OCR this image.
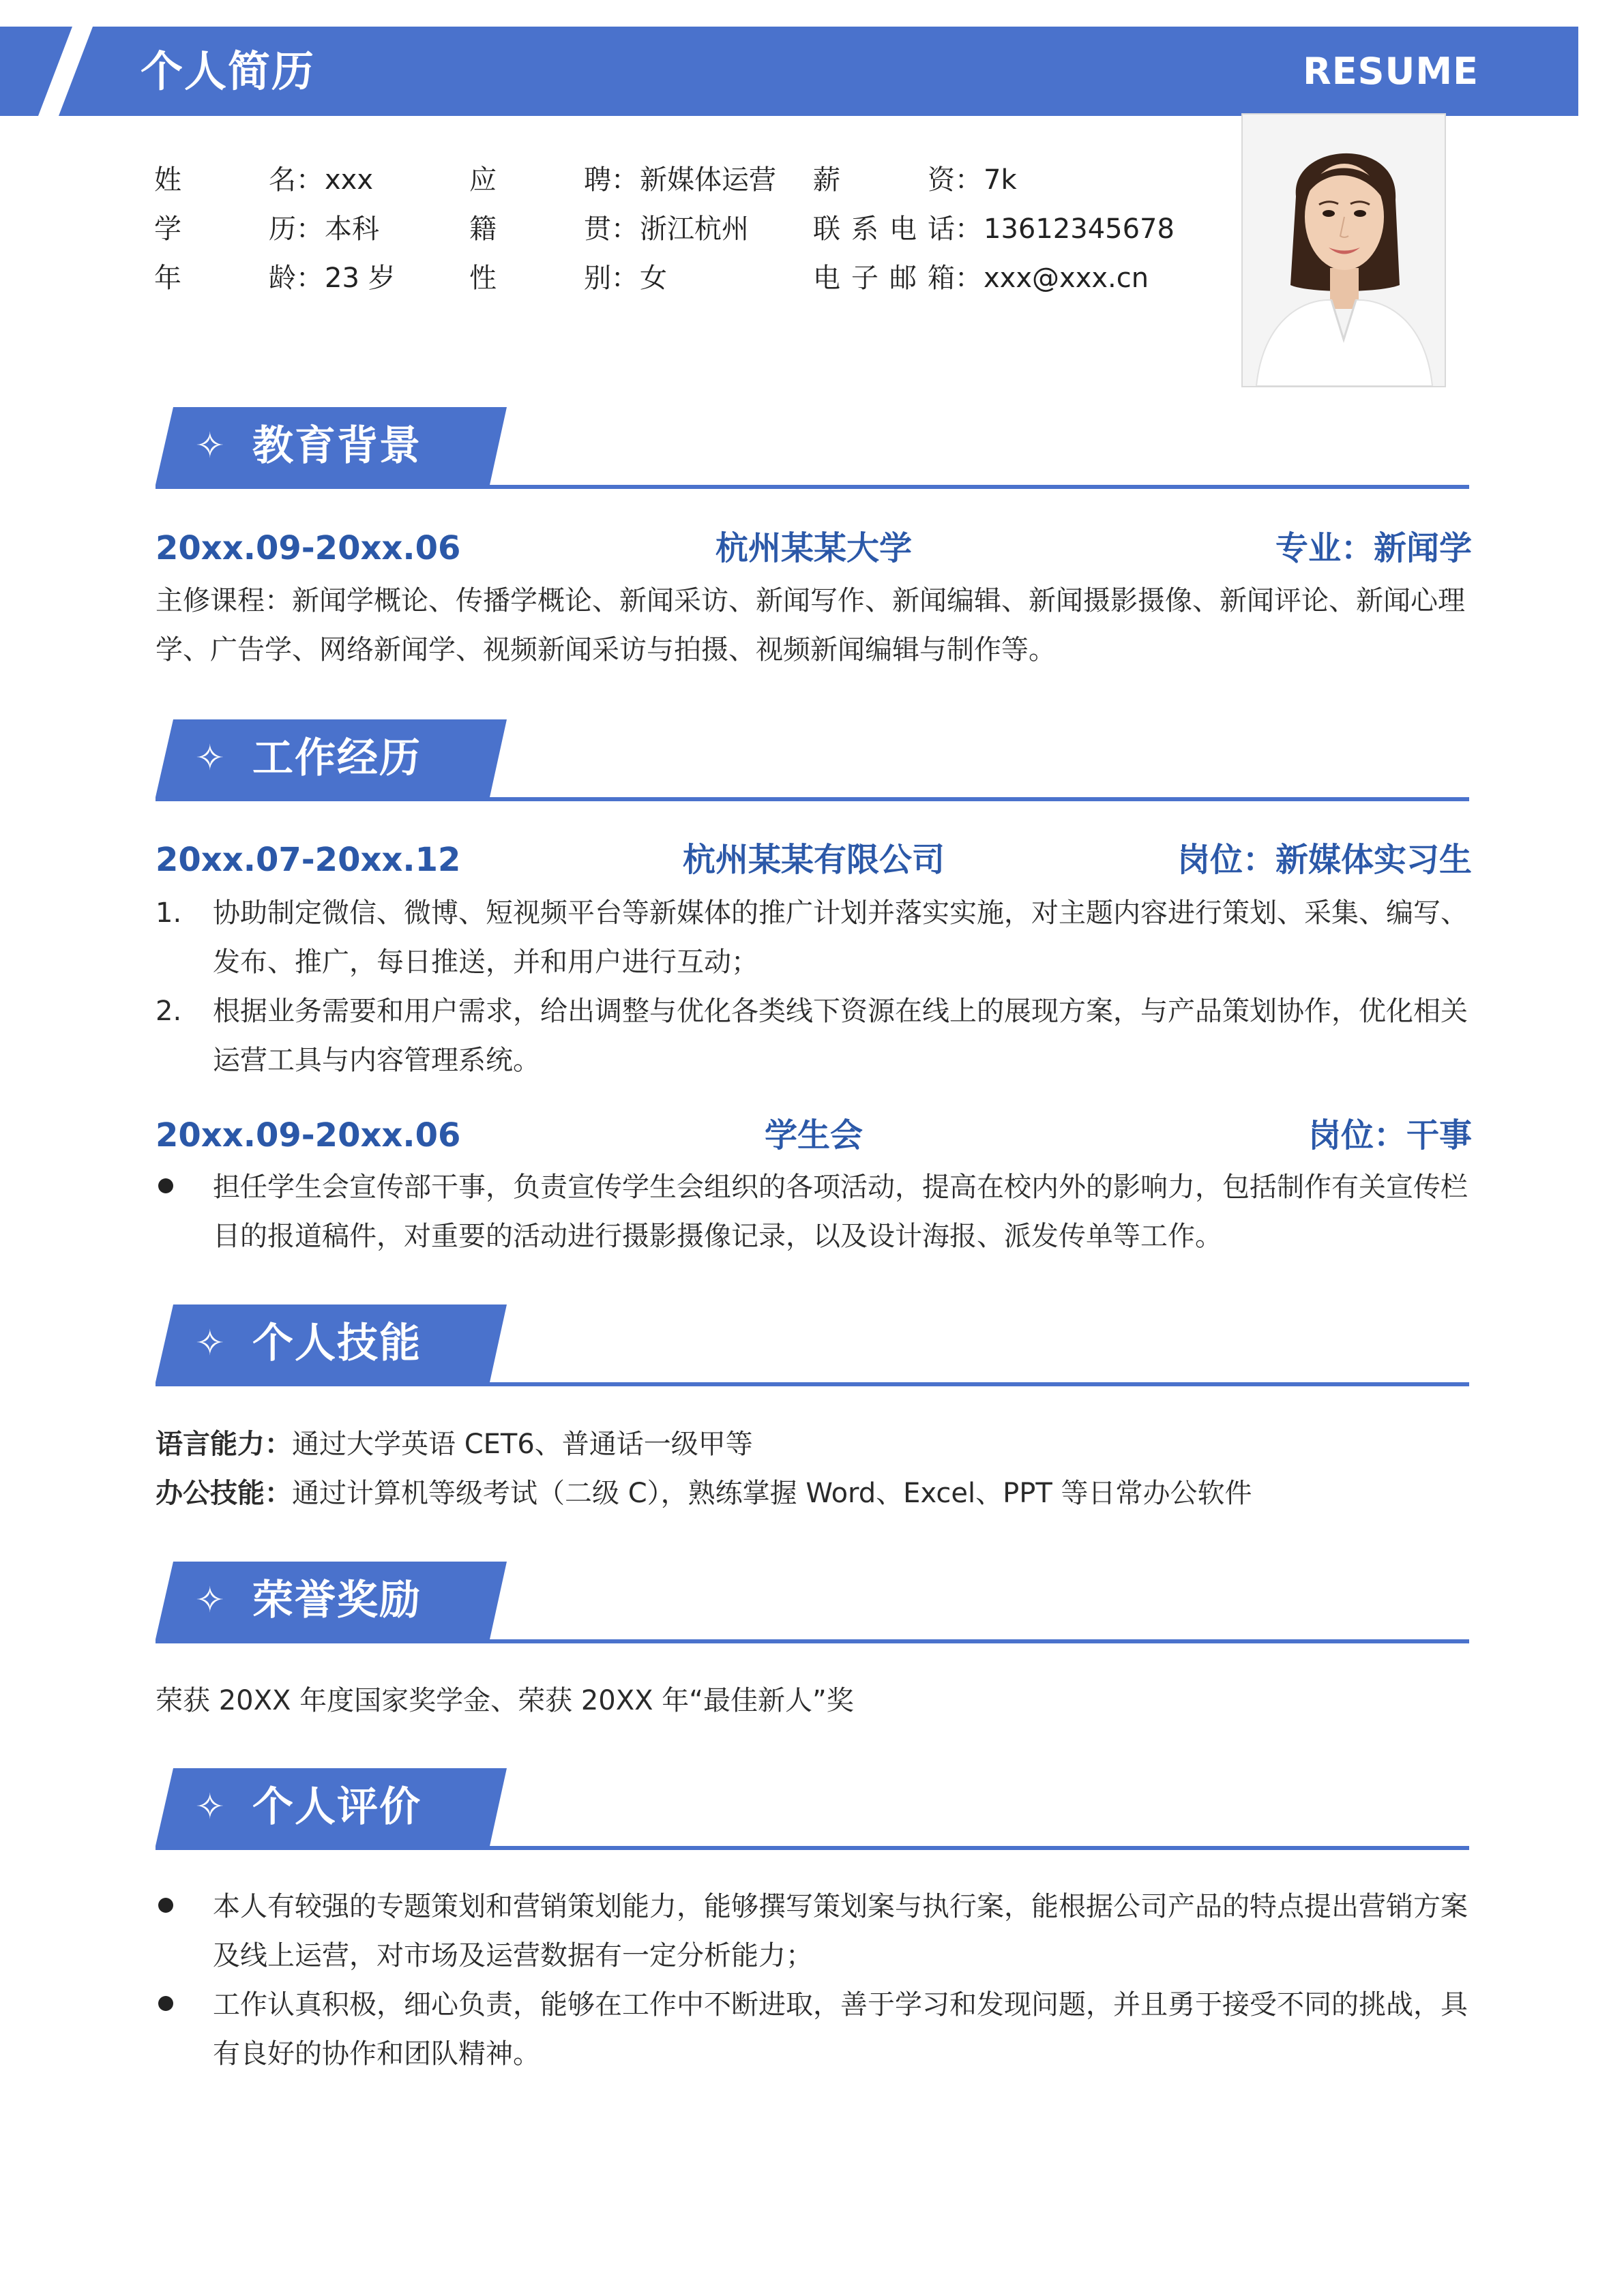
个人简历	RESUME
姓	名 ： xxx	应	聘 ： 新媒体运营 薪	资 ： 7k
学	历 ： 本科	籍	贯 ： 浙江杭州 联 系 电 话 ： 13612345678
年	龄 ： 23 岁	性	别 ： 女	电 子 邮 箱 ： xxx@xxx.cn
✧ 教育背景
20xx.09-20xx.06	杭州某某大学	专业：新闻学
主修课程：新闻学概论、传播学概论、新闻采访、新闻写作、新闻编辑、新闻摄影摄像、新闻评论、新闻心理学、广告学、网络新闻学、视频新闻采访与拍摄、视频新闻编辑与制作等。
✧ 工作经历
20xx.07-20xx.12	杭州某某有限公司	岗位：新媒体实习生
1.	协助制定微信、微博、短视频平台等新媒体的推广计划并落实实施，对主题内容进行策划、采集、编写、发布、推广，每日推送，并和用户进行互动；
2.	根据业务需要和用户需求，给出调整与优化各类线下资源在线上的展现方案，与产品策划协作，优化相关运营工具与内容管理系统。
20xx.09-20xx.06	学生会	岗位：干事
担任学生会宣传部干事，负责宣传学生会组织的各项活动，提高在校内外的影响力，包括制作有关宣传栏目的报道稿件，对重要的活动进行摄影摄像记录，以及设计海报、派发传单等工作。
✧ 个人技能
语言能力：通过大学英语 CET6、普通话一级甲等
办公技能：通过计算机等级考试（二级 C），熟练掌握 Word、Excel、PPT 等日常办公软件
✧ 荣誉奖励
荣获 20XX 年度国家奖学金、荣获 20XX 年“最佳新人”奖
✧ 个人评价
本人有较强的专题策划和营销策划能力，能够撰写策划案与执行案，能根据公司产品的特点提出营销方案及线上运营，对市场及运营数据有一定分析能力；
工作认真积极，细心负责，能够在工作中不断进取，善于学习和发现问题，并且勇于接受不同的挑战，具有良好的协作和团队精神。
